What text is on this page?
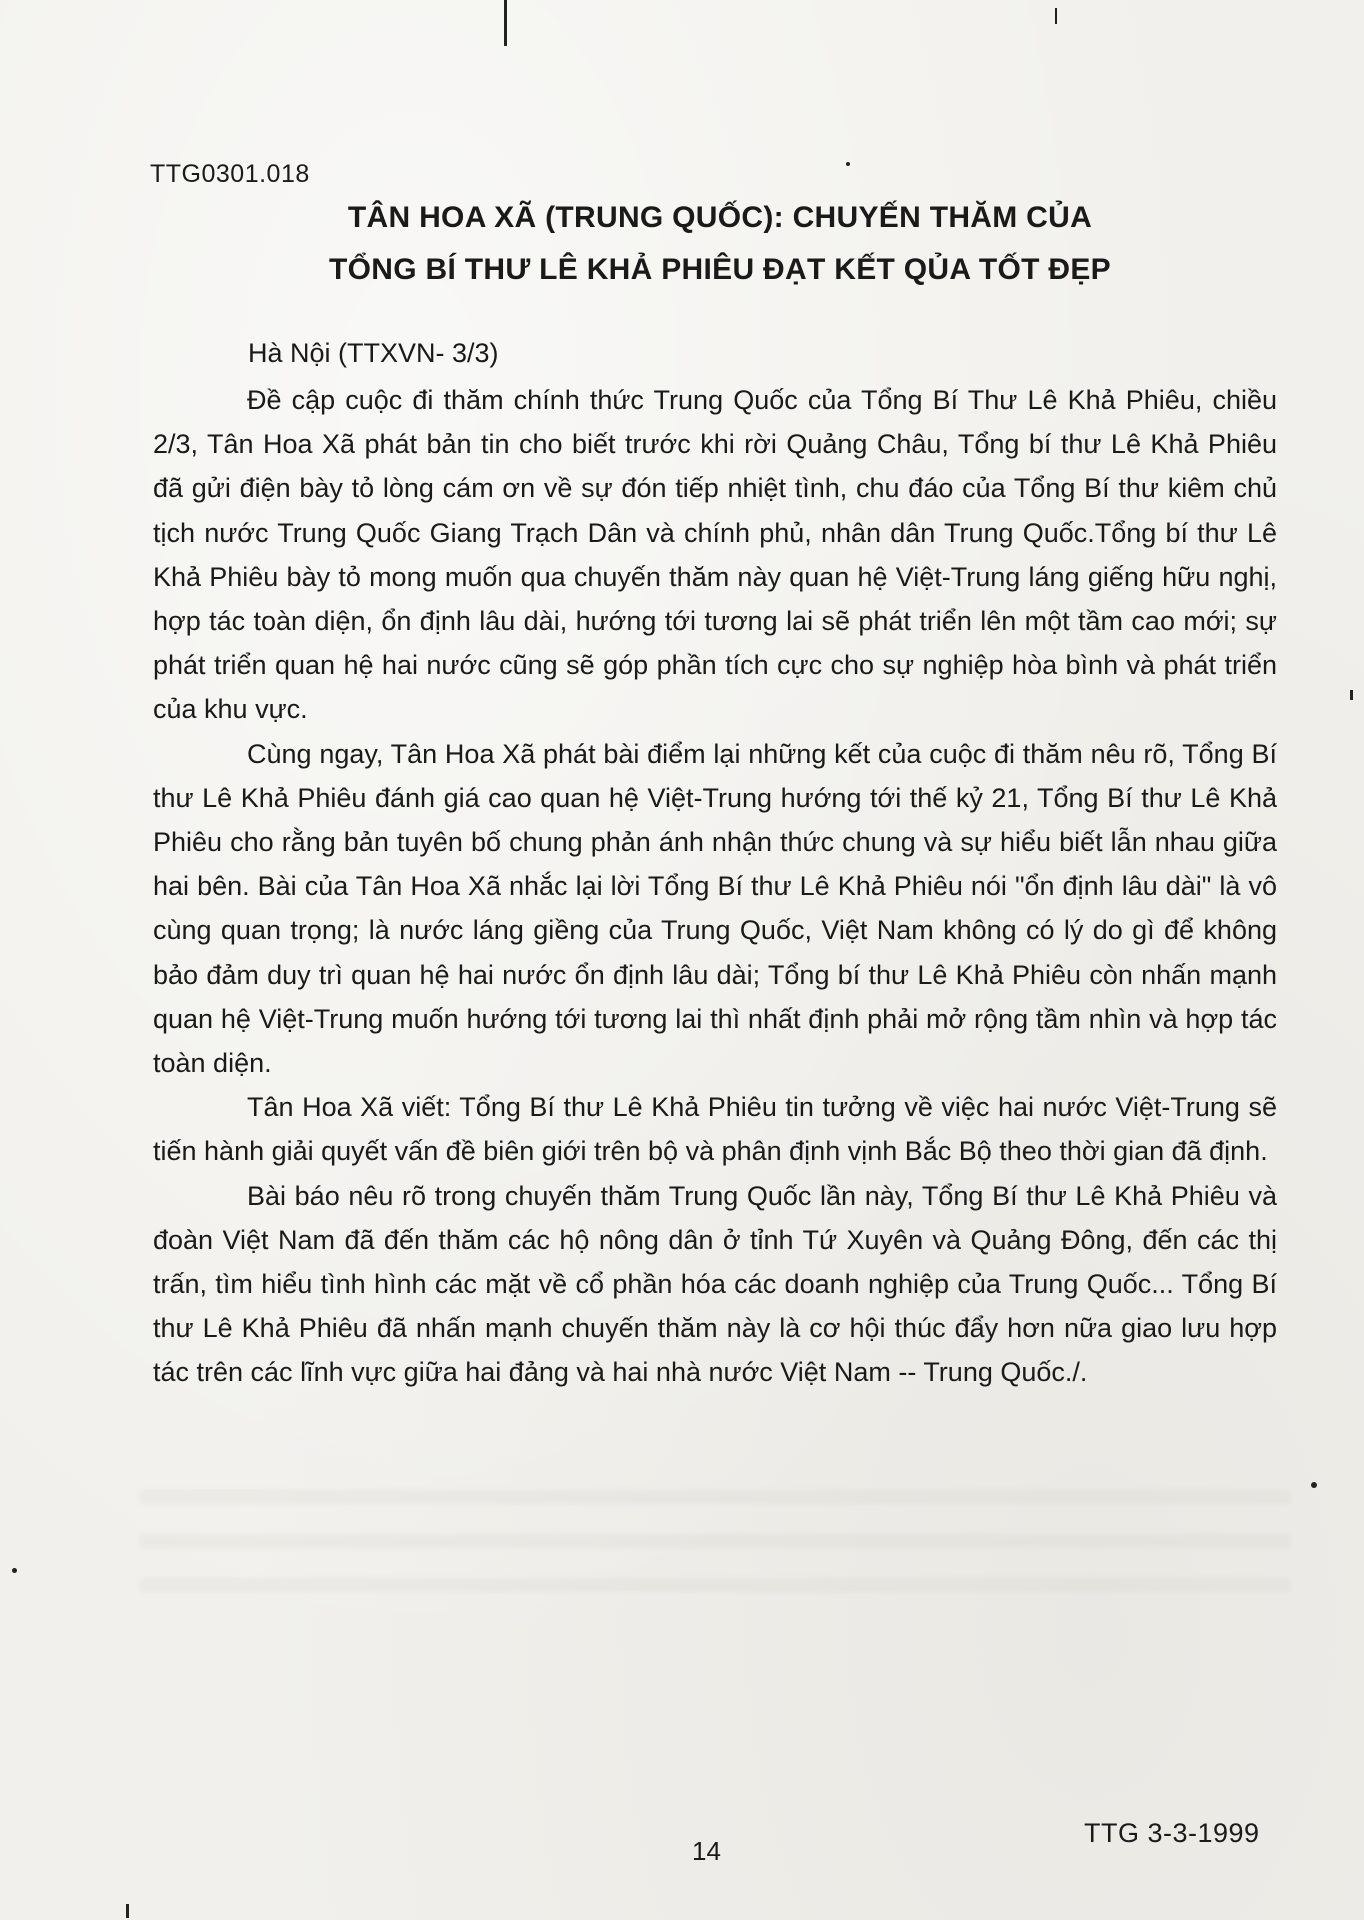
TTG0301.018
TÂN HOA XÃ (TRUNG QUỐC): CHUYẾN THĂM CỦA
TỔNG BÍ THƯ LÊ KHẢ PHIÊU ĐẠT KẾT QỦA TỐT ĐẸP
Hà Nội (TTXVN- 3/3)

Đề cập cuộc đi thăm chính thức Trung Quốc của Tổng Bí Thư Lê Khả Phiêu, chiều 2/3, Tân Hoa Xã phát bản tin cho biết trước khi rời Quảng Châu, Tổng bí thư Lê Khả Phiêu đã gửi điện bày tỏ lòng cám ơn về sự đón tiếp nhiệt tình, chu đáo của Tổng Bí thư kiêm chủ tịch nước Trung Quốc Giang Trạch Dân và chính phủ, nhân dân Trung Quốc.Tổng bí thư Lê Khả Phiêu bày tỏ mong muốn qua chuyến thăm này quan hệ Việt-Trung láng giếng hữu nghị, hợp tác toàn diện, ổn định lâu dài, hướng tới tương lai sẽ phát triển lên một tầm cao mới; sự phát triển quan hệ hai nước cũng sẽ góp phần tích cực cho sự nghiệp hòa bình và phát triển của khu vực.

Cùng ngay, Tân Hoa Xã phát bài điểm lại những kết của cuộc đi thăm nêu rõ, Tổng Bí thư Lê Khả Phiêu đánh giá cao quan hệ Việt-Trung hướng tới thế kỷ 21, Tổng Bí thư Lê Khả Phiêu cho rằng bản tuyên bố chung phản ánh nhận thức chung và sự hiểu biết lẫn nhau giữa hai bên. Bài của Tân Hoa Xã nhắc lại lời Tổng Bí thư Lê Khả Phiêu nói "ổn định lâu dài" là vô cùng quan trọng; là nước láng giềng của Trung Quốc, Việt Nam không có lý do gì để không bảo đảm duy trì quan hệ hai nước ổn định lâu dài; Tổng bí thư Lê Khả Phiêu còn nhấn mạnh quan hệ Việt-Trung muốn hướng tới tương lai thì nhất định phải mở rộng tầm nhìn và hợp tác toàn diện.

Tân Hoa Xã viết: Tổng Bí thư Lê Khả Phiêu tin tưởng về việc hai nước Việt-Trung sẽ tiến hành giải quyết vấn đề biên giới trên bộ và phân định vịnh Bắc Bộ theo thời gian đã định.

Bài báo nêu rõ trong chuyến thăm Trung Quốc lần này, Tổng Bí thư Lê Khả Phiêu và đoàn Việt Nam đã đến thăm các hộ nông dân ở tỉnh Tứ Xuyên và Quảng Đông, đến các thị trấn, tìm hiểu tình hình các mặt về cổ phần hóa các doanh nghiệp của Trung Quốc... Tổng Bí thư Lê Khả Phiêu đã nhấn mạnh chuyến thăm này là cơ hội thúc đẩy hơn nữa giao lưu hợp tác trên các lĩnh vực giữa hai đảng và hai nhà nước Việt Nam -- Trung Quốc./.

14
TTG 3-3-1999
